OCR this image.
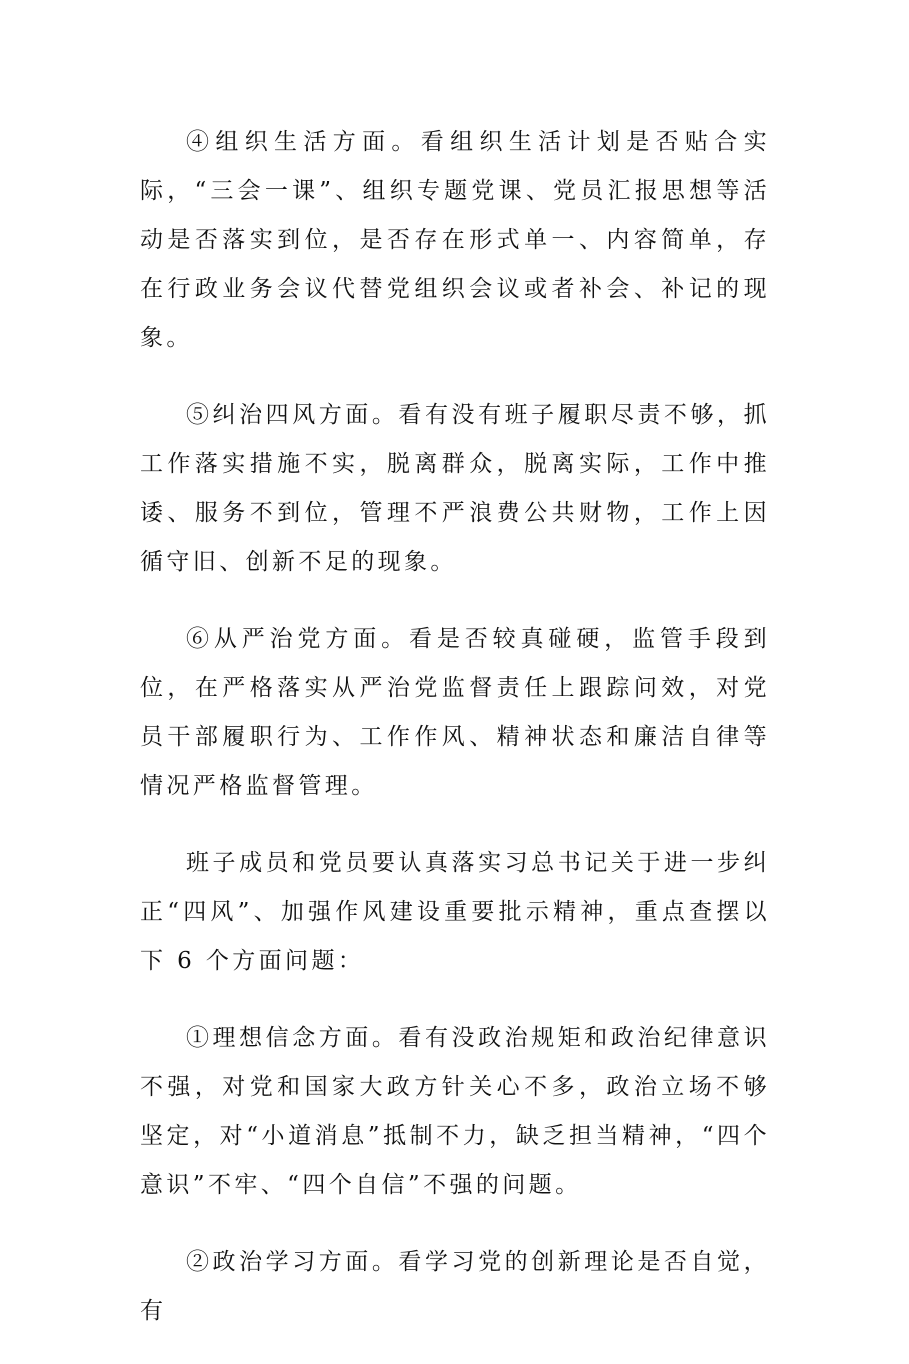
④组织生活方面。看组织生活计划是否贴合实际，“三会一课”、组织专题党课、党员汇报思想等活动是否落实到位，是否存在形式单一、内容简单，存在行政业务会议代替党组织会议或者补会、补记的现象。

⑤纠治四风方面。看有没有班子履职尽责不够，抓工作落实措施不实，脱离群众，脱离实际，工作中推诿、服务不到位，管理不严浪费公共财物，工作上因循守旧、创新不足的现象。

⑥从严治党方面。看是否较真碰硬，监管手段到位，在严格落实从严治党监督责任上跟踪问效，对党员干部履职行为、工作作风、精神状态和廉洁自律等情况严格监督管理。

班子成员和党员要认真落实习总书记关于进一步纠正“四风”、加强作风建设重要批示精神，重点查摆以下 6 个方面问题：

①理想信念方面。看有没政治规矩和政治纪律意识不强，对党和国家大政方针关心不多，政治立场不够坚定，对“小道消息”抵制不力，缺乏担当精神，“四个意识”不牢、“四个自信”不强的问题。

②政治学习方面。看学习党的创新理论是否自觉，有
